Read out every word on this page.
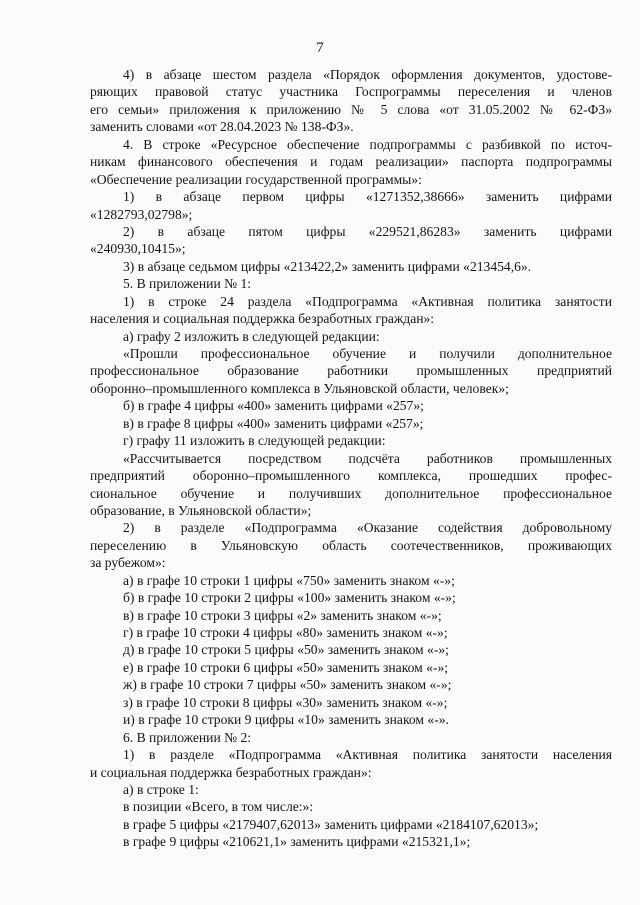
7
4) в абзаце шестом раздела «Порядок оформления документов, удостове-
ряющих правовой статус участника Госпрограммы переселения и членов
его семьи» приложения к приложению № 5 слова «от 31.05.2002 № 62-ФЗ»
заменить словами «от 28.04.2023 № 138-ФЗ».
4. В строке «Ресурсное обеспечение подпрограммы с разбивкой по источ-
никам финансового обеспечения и годам реализации» паспорта подпрограммы
«Обеспечение реализации государственной программы»:
1) в абзаце первом цифры «1271352,38666» заменить цифрами
«1282793,02798»;
2) в абзаце пятом цифры «229521,86283» заменить цифрами
«240930,10415»;
3) в абзаце седьмом цифры «213422,2» заменить цифрами «213454,6».
5. В приложении № 1:
1) в строке 24 раздела «Подпрограмма «Активная политика занятости
населения и социальная поддержка безработных граждан»:
а) графу 2 изложить в следующей редакции:
«Прошли профессиональное обучение и получили дополнительное
профессиональное образование работники промышленных предприятий
оборонно–промышленного комплекса в Ульяновской области, человек»;
б) в графе 4 цифры «400» заменить цифрами «257»;
в) в графе 8 цифры «400» заменить цифрами «257»;
г) графу 11 изложить в следующей редакции:
«Рассчитывается посредством подсчёта работников промышленных
предприятий оборонно–промышленного комплекса, прошедших профес-
сиональное обучение и получивших дополнительное профессиональное
образование, в Ульяновской области»;
2) в разделе «Подпрограмма «Оказание содействия добровольному
переселению в Ульяновскую область соотечественников, проживающих
за рубежом»:
а) в графе 10 строки 1 цифры «750» заменить знаком «-»;
б) в графе 10 строки 2 цифры «100» заменить знаком «-»;
в) в графе 10 строки 3 цифры «2» заменить знаком «-»;
г) в графе 10 строки 4 цифры «80» заменить знаком «-»;
д) в графе 10 строки 5 цифры «50» заменить знаком «-»;
е) в графе 10 строки 6 цифры «50» заменить знаком «-»;
ж) в графе 10 строки 7 цифры «50» заменить знаком «-»;
з) в графе 10 строки 8 цифры «30» заменить знаком «-»;
и) в графе 10 строки 9 цифры «10» заменить знаком «-».
6. В приложении № 2:
1) в разделе «Подпрограмма «Активная политика занятости населения
и социальная поддержка безработных граждан»:
а) в строке 1:
в позиции «Всего, в том числе:»:
в графе 5 цифры «2179407,62013» заменить цифрами «2184107,62013»;
в графе 9 цифры «210621,1» заменить цифрами «215321,1»;
